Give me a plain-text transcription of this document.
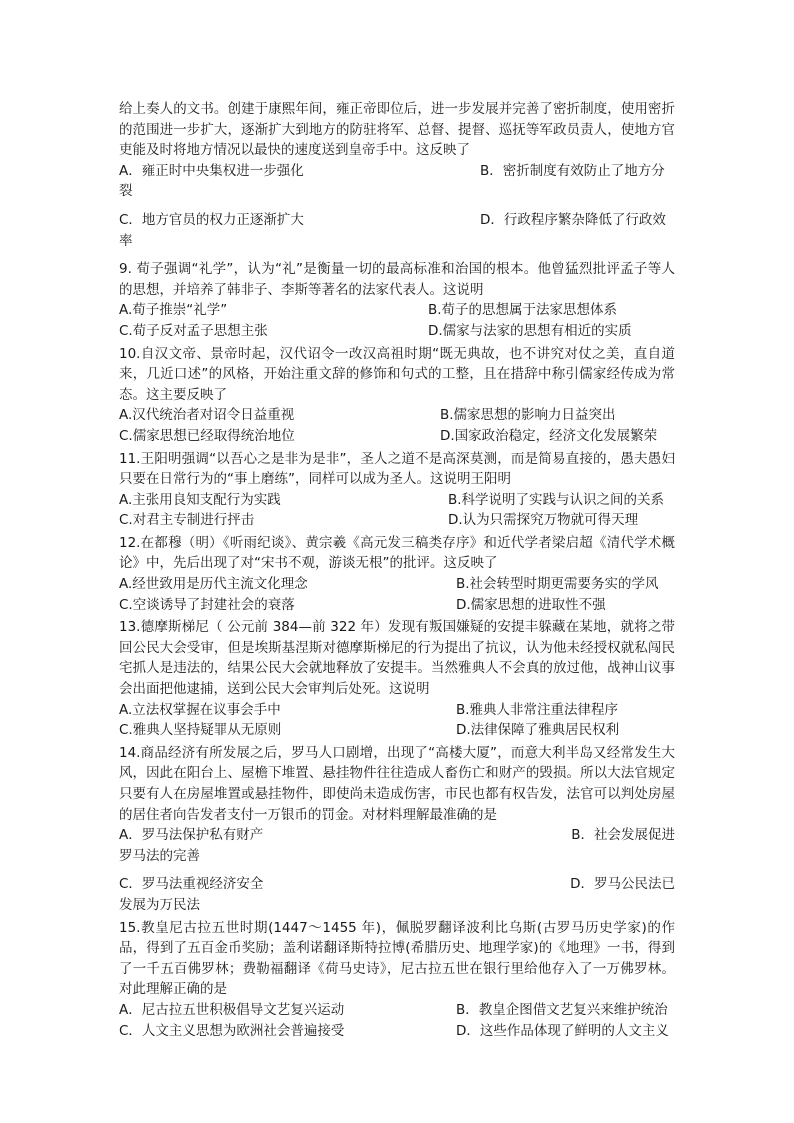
给上奏人的文书。创建于康熙年间，雍正帝即位后，进一步发展并完善了密折制度，使用密折的范围进一步扩大，逐渐扩大到地方的防驻将军、总督、提督、巡抚等军政员责人，使地方官吏能及时将地方情况以最快的速度送到皇帝手中。这反映了
A．雍正时中央集权进一步强化	B．密折制度有效防止了地方分
裂
C．地方官员的权力正逐渐扩大	D．行政程序繁杂降低了行政效
率
9. 荀子强调“礼学”，认为“礼”是衡量一切的最高标准和治国的根本。他曾猛烈批评孟子等人的思想，并培养了韩非子、李斯等著名的法家代表人。这说明
A.荀子推崇“礼学”	B.荀子的思想属于法家思想体系
C.荀子反对孟子思想主张	D.儒家与法家的思想有相近的实质
10.自汉文帝、景帝时起，汉代诏令一改汉高祖时期“既无典故，也不讲究对仗之美，直自道来，几近口述”的风格，开始注重文辞的修饰和句式的工整，且在措辞中称引儒家经传成为常态。这主要反映了
A.汉代统治者对诏令日益重视	B.儒家思想的影响力日益突出
C.儒家思想已经取得统治地位	D.国家政治稳定，经济文化发展繁荣
11.王阳明强调“以吾心之是非为是非”，圣人之道不是高深莫测，而是简易直接的，愚夫愚妇只要在日常行为的“事上磨练”，同样可以成为圣人。这说明王阳明
A.主张用良知支配行为实践	B.科学说明了实践与认识之间的关系
C.对君主专制进行抨击	D.认为只需探究万物就可得天理
12.在都穆（明）《听雨纪谈》、黄宗羲《高元发三稿类存序》和近代学者梁启超《清代学术概论》中，先后出现了对“宋书不观，游谈无根”的批评。这反映了
A.经世致用是历代主流文化理念	B.社会转型时期更需要务实的学风
C.空谈诱导了封建社会的衰落	D.儒家思想的进取性不强
13.德摩斯梯尼（ 公元前 384—前 322 年）发现有叛国嫌疑的安提丰躲藏在某地，就将之带回公民大会受审，但是埃斯基涅斯对德摩斯梯尼的行为提出了抗议，认为他未经授权就私闯民宅抓人是违法的，结果公民大会就地释放了安提丰。当然雅典人不会真的放过他，战神山议事会出面把他逮捕，送到公民大会审判后处死。这说明
A.立法权掌握在议事会手中	B.雅典人非常注重法律程序
C.雅典人坚持疑罪从无原则	D.法律保障了雅典居民权利
14.商品经济有所发展之后，罗马人口剧增，出现了“高楼大厦”，而意大利半岛又经常发生大风，因此在阳台上、屋檐下堆置、悬挂物件往往造成人畜伤亡和财产的毁损。所以大法官规定只要有人在房屋堆置或悬挂物件，即使尚未造成伤害，市民也都有权告发，法官可以判处房屋的居住者向告发者支付一万银币的罚金。对材料理解最准确的是
A．罗马法保护私有财产	B．社会发展促进
罗马法的完善
C．罗马法重视经济安全	D．罗马公民法已
发展为万民法
15.教皇尼古拉五世时期(1447～1455 年)，佩脱罗翻译波利比乌斯(古罗马历史学家)的作品，得到了五百金币奖励；盖利诺翻译斯特拉博(希腊历史、地理学家)的《地理》一书，得到了一千五百佛罗林；费勒福翻译《荷马史诗》，尼古拉五世在银行里给他存入了一万佛罗林。对此理解正确的是
A．尼古拉五世积极倡导文艺复兴运动	B．教皇企图借文艺复兴来维护统治
C．人文主义思想为欧洲社会普遍接受	D．这些作品体现了鲜明的人文主义
